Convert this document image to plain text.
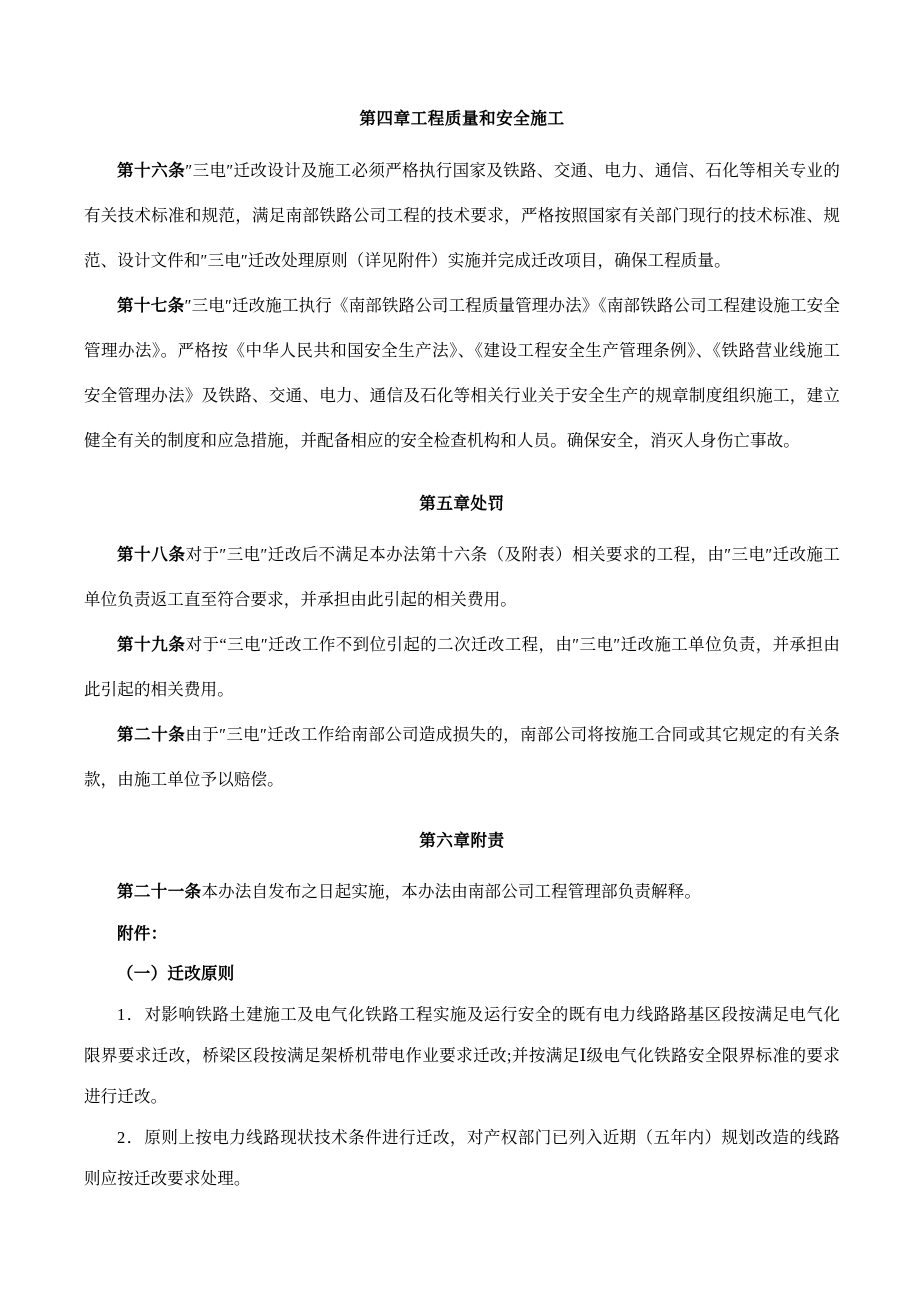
第四章工程质量和安全施工

第十六条″三电″迁改设计及施工必须严格执行国家及铁路、交通、电力、通信、石化等相关专业的有关技术标准和规范，满足南部铁路公司工程的技术要求，严格按照国家有关部门现行的技术标准、规范、设计文件和″三电″迁改处理原则（详见附件）实施并完成迁改项目，确保工程质量。

第十七条″三电″迁改施工执行《南部铁路公司工程质量管理办法》《南部铁路公司工程建设施工安全管理办法》。严格按《中华人民共和国安全生产法》、《建设工程安全生产管理条例》、《铁路营业线施工安全管理办法》及铁路、交通、电力、通信及石化等相关行业关于安全生产的规章制度组织施工，建立健全有关的制度和应急措施，并配备相应的安全检查机构和人员。确保安全，消灭人身伤亡事故。

第五章处罚

第十八条对于″三电″迁改后不满足本办法第十六条（及附表）相关要求的工程，由″三电″迁改施工单位负责返工直至符合要求，并承担由此引起的相关费用。

第十九条对于“三电″迁改工作不到位引起的二次迁改工程，由″三电″迁改施工单位负责，并承担由此引起的相关费用。

第二十条由于″三电″迁改工作给南部公司造成损失的，南部公司将按施工合同或其它规定的有关条款，由施工单位予以赔偿。

第六章附责

第二十一条本办法自发布之日起实施，本办法由南部公司工程管理部负责解释。

附件：

（一）迁改原则

1．对影响铁路土建施工及电气化铁路工程实施及运行安全的既有电力线路路基区段按满足电气化限界要求迁改，桥梁区段按满足架桥机带电作业要求迁改;并按满足Ⅰ级电气化铁路安全限界标准的要求进行迁改。

2．原则上按电力线路现状技术条件进行迁改，对产权部门已列入近期（五年内）规划改造的线路则应按迁改要求处理。
